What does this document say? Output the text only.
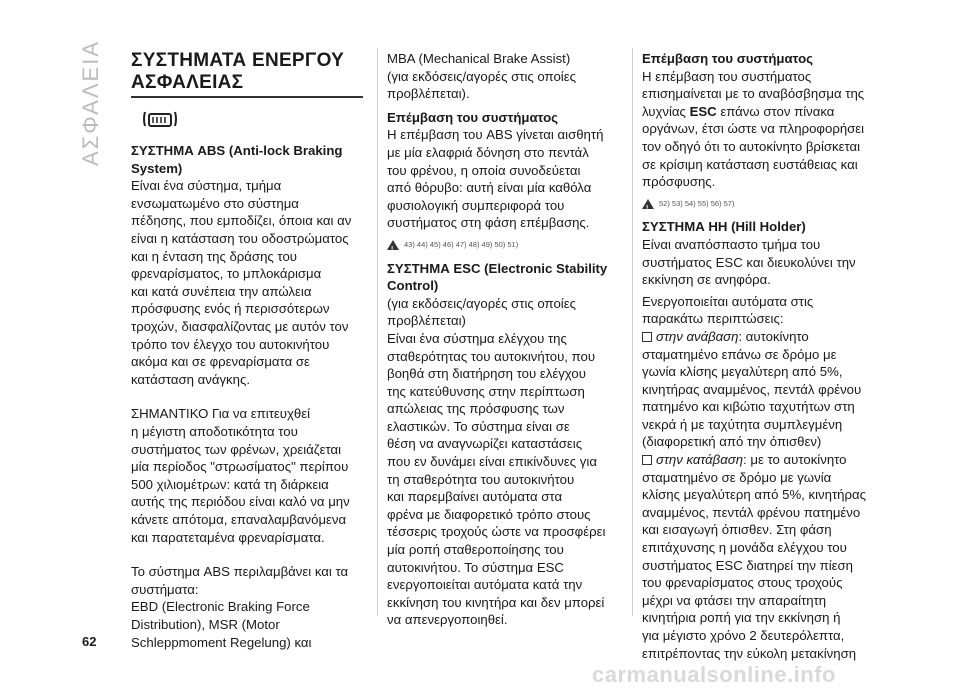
ΑΣΦΑΛΕΙΑ ΣΥΣΤΗΜΑΤΑ ΕΝΕΡΓΟΥ
ΑΣΦΑΛΕΙΑΣ

ΣΥΣΤΗΜΑ ABS (Anti-lock Braking
System)

Είναι ένα σύστημα, τμήμα
ενσωματωμένο στο σύστημα
πέδησης, που εμποδίζει, όποια και αν
είναι η κατάσταση του οδοστρώματος
και η ένταση της δράσης του
φρεναρίσματος, το μπλοκάρισμα
και κατά συνέπεια την απώλεια
πρόσφυσης ενός ή περισσότερων
τροχών, διασφαλίζοντας με αυτόν τον
τρόπο τον έλεγχο του αυτοκινήτου
ακόμα και σε φρεναρίσματα σε
κατάσταση ανάγκης.

ΣΗΜΑΝΤΙΚΟ Για να επιτευχθεί
η μέγιστη αποδοτικότητα του
συστήματος των φρένων, χρειάζεται
μία περίοδος "στρωσίματος" περίπου
500 χιλιομέτρων: κατά τη διάρκεια
αυτής της περιόδου είναι καλό να μην
κάνετε απότομα, επαναλαμβανόμενα
και παρατεταμένα φρεναρίσματα.

Το σύστημα ABS περιλαμβάνει και τα
συστήματα:
EBD (Electronic Braking Force
Distribution), MSR (Motor
Schleppmoment Regelung) και

MBA (Mechanical Brake Assist)
(για εκδόσεις/αγορές στις οποίες
προβλέπεται).

Επέμβαση του συστήματος

Η επέμβαση του ABS γίνεται αισθητή
με μία ελαφριά δόνηση στο πεντάλ
του φρένου, η οποία συνοδεύεται
από θόρυβο: αυτή είναι μία καθόλα
φυσιολογική συμπεριφορά του
συστήματος στη φάση επέμβασης.

!
43) 44) 45) 46) 47) 48) 49) 50) 51)

ΣΥΣΤΗΜΑ ESC (Electronic Stability
Control)

(για εκδόσεις/αγορές στις οποίες
προβλέπεται)

Είναι ένα σύστημα ελέγχου της
σταθερότητας του αυτοκινήτου, που
βοηθά στη διατήρηση του ελέγχου
της κατεύθυνσης στην περίπτωση
απώλειας της πρόσφυσης των
ελαστικών. Το σύστημα είναι σε
θέση να αναγνωρίζει καταστάσεις
που εν δυνάμει είναι επικίνδυνες για
τη σταθερότητα του αυτοκινήτου
και παρεμβαίνει αυτόματα στα
φρένα με διαφορετικό τρόπο στους
τέσσερις τροχούς ώστε να προσφέρει
μία ροπή σταθεροποίησης του
αυτοκινήτου. Το σύστημα ESC
ενεργοποιείται αυτόματα κατά την
εκκίνηση του κινητήρα και δεν μπορεί
να απενεργοποιηθεί.

Επέμβαση του συστήματος

Η επέμβαση του συστήματος
επισημαίνεται με το αναβόσβησμα της
λυχνίας ESC επάνω στον πίνακα
οργάνων, έτσι ώστε να πληροφορήσει
τον οδηγό ότι το αυτοκίνητο βρίσκεται
σε κρίσιμη κατάσταση ευστάθειας και
πρόσφυσης.

!
52) 53) 54) 55) 56) 57)

ΣΥΣΤΗΜΑ HH (Hill Holder)

Είναι αναπόσπαστο τμήμα του
συστήματος ESC και διευκολύνει την
εκκίνηση σε ανηφόρα.

Ενεργοποιείται αυτόματα στις
παρακάτω περιπτώσεις:

στην ανάβαση: αυτοκίνητο
σταματημένο επάνω σε δρόμο με
γωνία κλίσης μεγαλύτερη από 5%,
κινητήρας αναμμένος, πεντάλ φρένου
πατημένο και κιβώτιο ταχυτήτων στη
νεκρά ή με ταχύτητα συμπλεγμένη
(διαφορετική από την όπισθεν)

στην κατάβαση: με το αυτοκίνητο
σταματημένο σε δρόμο με γωνία
κλίσης μεγαλύτερη από 5%, κινητήρας
αναμμένος, πεντάλ φρένου πατημένο
και εισαγωγή όπισθεν. Στη φάση
επιτάχυνσης η μονάδα ελέγχου του
συστήματος ESC διατηρεί την πίεση
του φρεναρίσματος στους τροχούς
μέχρι να φτάσει την απαραίτητη
κινητήρια ροπή για την εκκίνηση ή
για μέγιστο χρόνο 2 δευτερόλεπτα,
επιτρέποντας την εύκολη μετακίνηση

62
carmanualsonline.info
